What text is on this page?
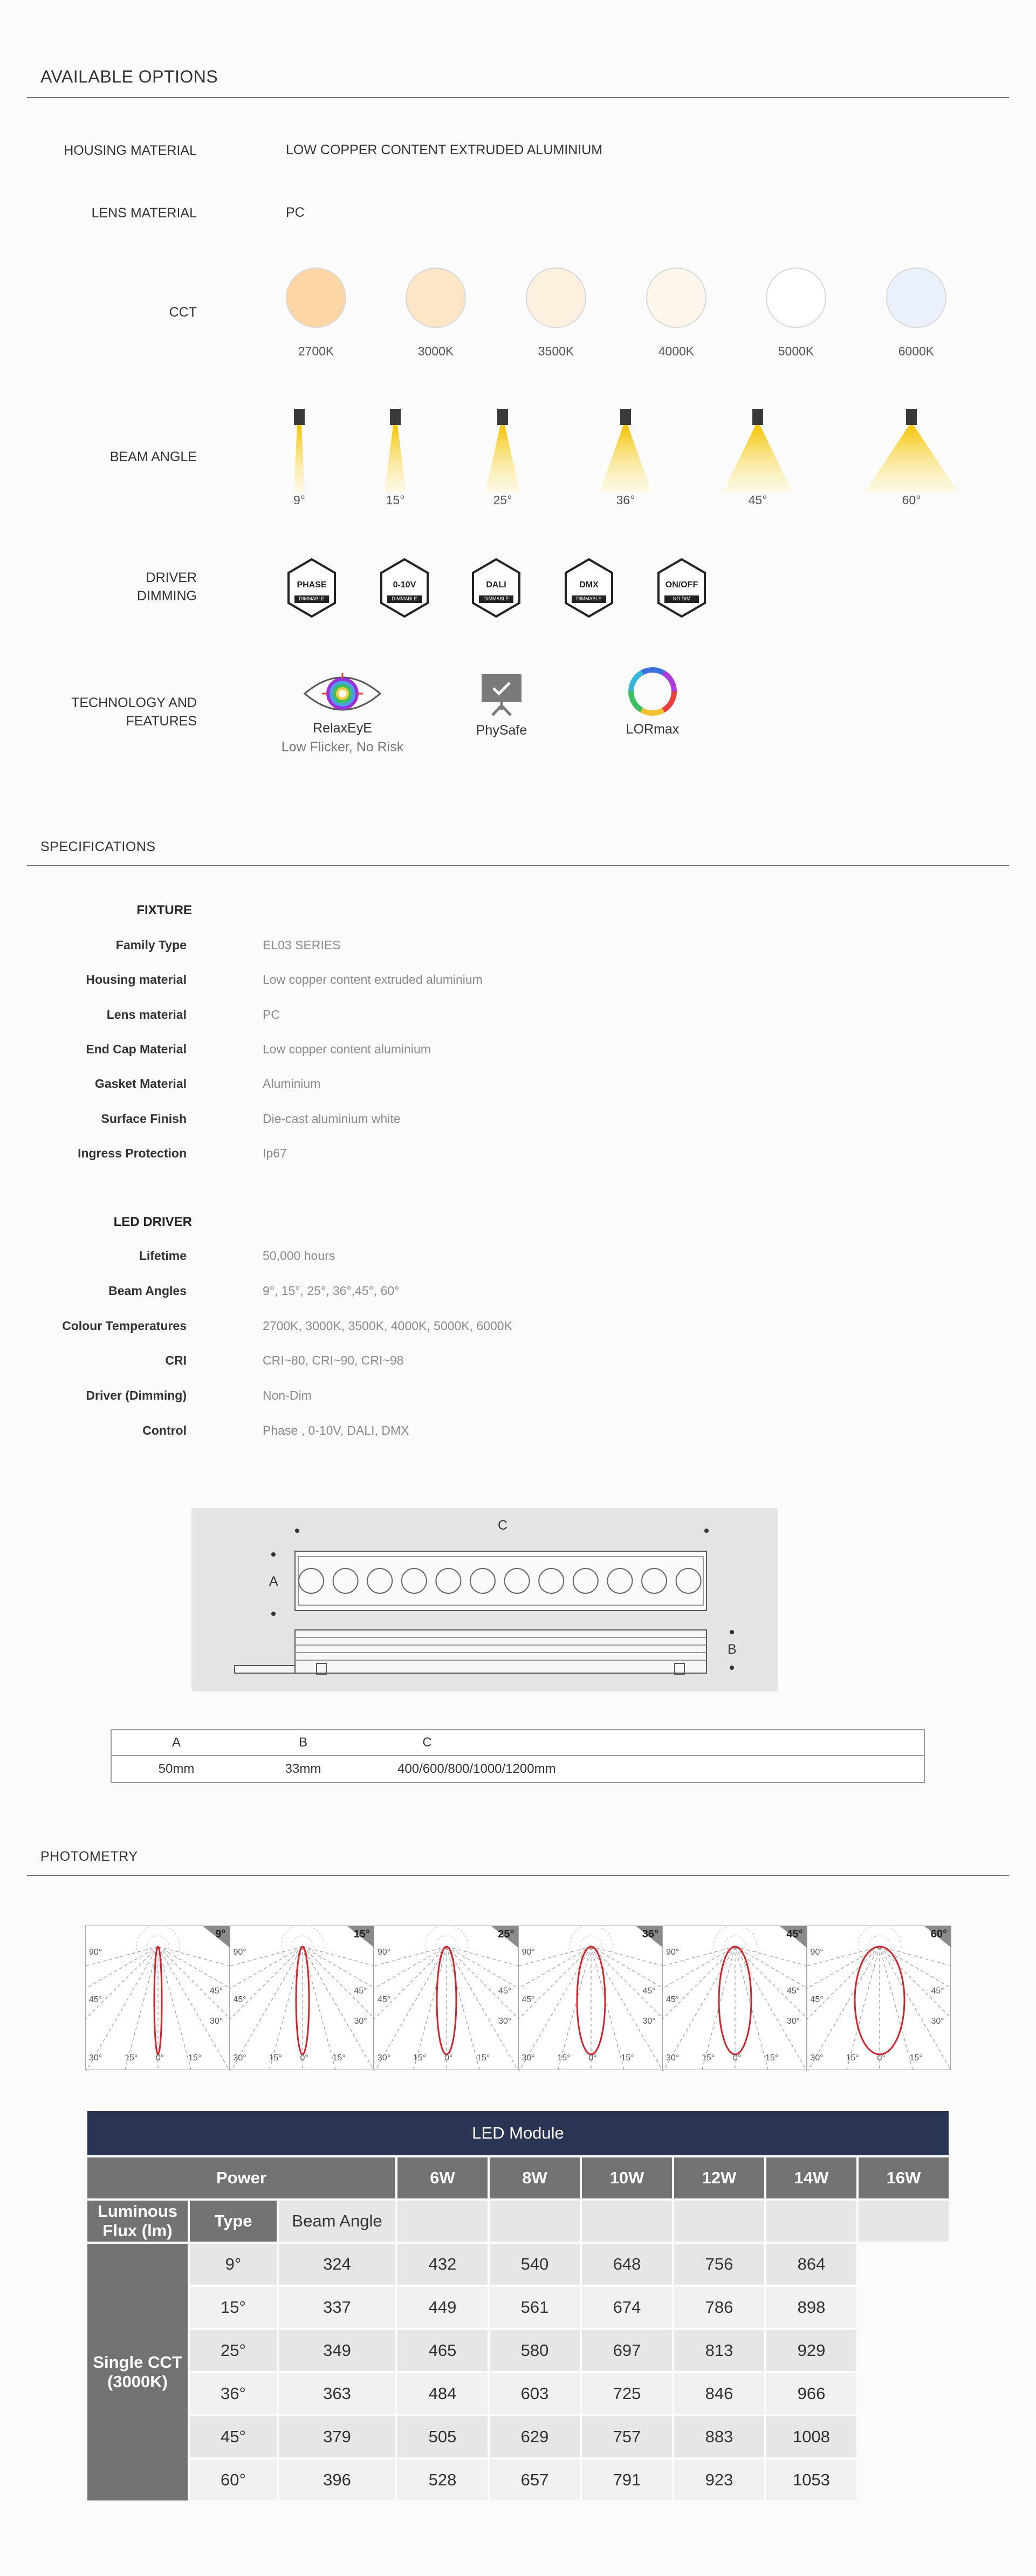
AVAILABLE OPTIONS
HOUSING MATERIAL	LOW COPPER CONTENT EXTRUDED ALUMINIUM
LENS MATERIAL	PC
CCT
2700K	3000K	3500K	4000K	5000K	6000K
BEAM ANGLE
9°	15°	25°	36°	45°	60°
DRIVER
DIMMING
PHASE
DIMMABLE
0-10V
DIMMABLE
DALI
DIMMABLE
DMX
DIMMABLE
ON/OFF
NO DIM
TECHNOLOGY AND
FEATURES	RelaxEyE
Low Flicker, No Risk
PhySafe	LORmax
SPECIFICATIONS
FIXTURE
Family Type	EL03 SERIES
Housing material	Low copper content extruded aluminium
Lens material	PC
End Cap Material	Low copper content aluminium
Gasket Material	Aluminium
Surface Finish	Die-cast aluminium white
Ingress Protection	Ip67
LED DRIVER
Lifetime	50,000 hours
Beam Angles	9°, 15°, 25°, 36°,45°, 60°
Colour Temperatures	2700K, 3000K, 3500K, 4000K, 5000K, 6000K
CRI	CRI~80, CRI~90, CRI~98
Driver (Dimming)	Non-Dim
Control	Phase , 0-10V, DALI, DMX
C
A
B
A	B	C
50mm	33mm	400/600/800/1000/1200mm
PHOTOMETRY
9°
90°
45°
30°
45°
30°
15° 0°	15°
15°
90°
45°
30°
45°
30°
15° 0°	15°
25°
90°
45°
30°
45°
30°
15° 0°	15°
36°
90°
45°
30°
45°
30°
15° 0°	15°
45°
90°
45°
30°
45°
30°
15° 0°	15°
60°
90°
45°
30°
45°
30°
15° 0°	15°
LED Module								
Power			6W	8W	10W	12W	14W	16W
Luminous Flux (lm)	Type	Beam Angle						
Single CCT (3000K)	9°	324	432	540	648	756	864	
	15°	337	449	561	674	786	898	
	25°	349	465	580	697	813	929	
	36°	363	484	603	725	846	966	
	45°	379	505	629	757	883	1008	
	60°	396	528	657	791	923	1053	
